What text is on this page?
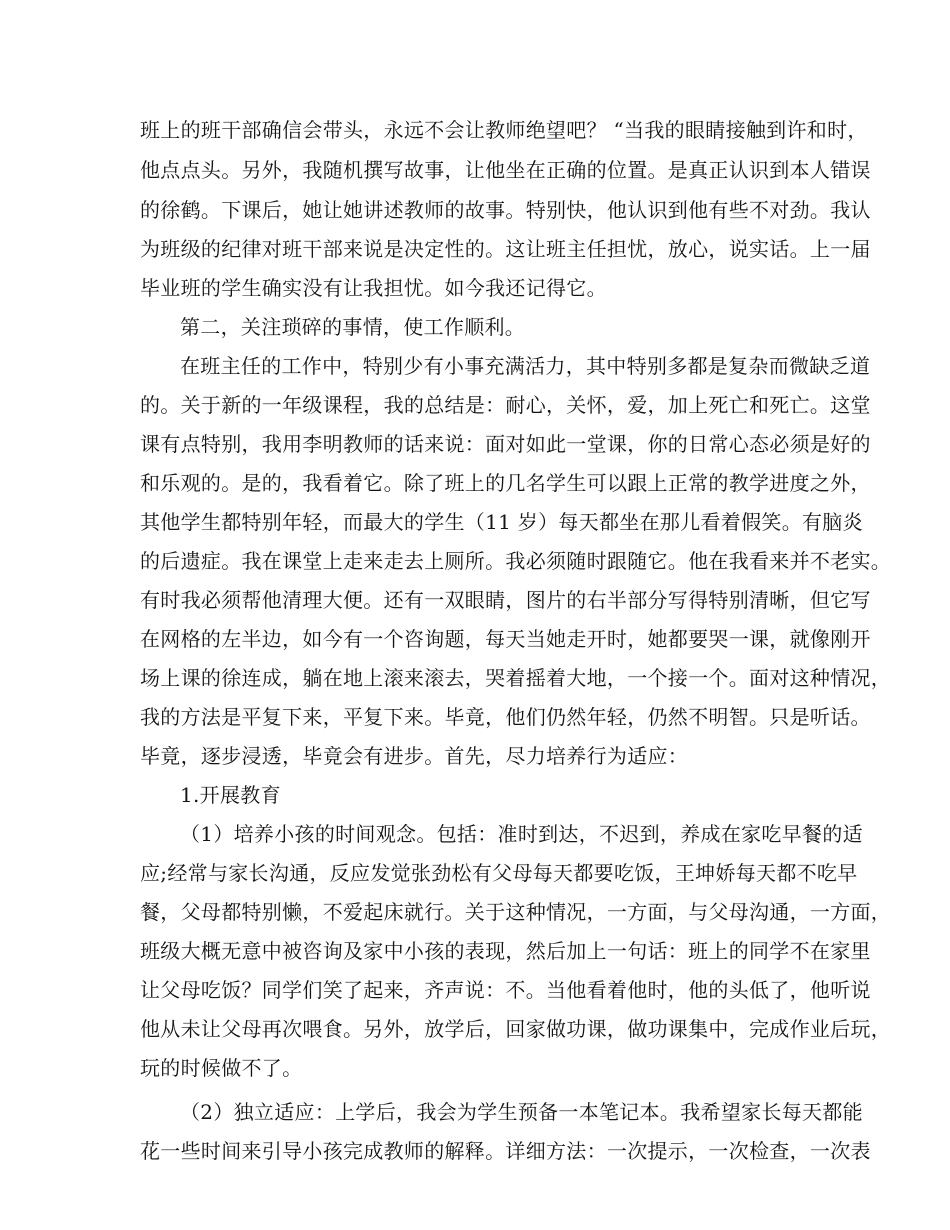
班上的班干部确信会带头，永远不会让教师绝望吧？ “当我的眼睛接触到许和时，
他点点头。另外，我随机撰写故事，让他坐在正确的位置。是真正认识到本人错误
的徐鹤。下课后，她让她讲述教师的故事。特别快，他认识到他有些不对劲。我认
为班级的纪律对班干部来说是决定性的。这让班主任担忧，放心，说实话。上一届
毕业班的学生确实没有让我担忧。如今我还记得它。
第二，关注琐碎的事情，使工作顺利。
在班主任的工作中，特别少有小事充满活力，其中特别多都是复杂而微缺乏道
的。关于新的一年级课程，我的总结是：耐心，关怀，爱，加上死亡和死亡。这堂
课有点特别，我用李明教师的话来说：面对如此一堂课，你的日常心态必须是好的
和乐观的。是的，我看着它。除了班上的几名学生可以跟上正常的教学进度之外，
其他学生都特别年轻，而最大的学生（11 岁）每天都坐在那儿看着假笑。有脑炎
的后遗症。我在课堂上走来走去上厕所。我必须随时跟随它。他在我看来并不老实。
有时我必须帮他清理大便。还有一双眼睛，图片的右半部分写得特别清晰，但它写
在网格的左半边，如今有一个咨询题，每天当她走开时，她都要哭一课，就像刚开
场上课的徐连成，躺在地上滚来滚去，哭着摇着大地，一个接一个。面对这种情况，
我的方法是平复下来，平复下来。毕竟，他们仍然年轻，仍然不明智。只是听话。
毕竟，逐步浸透，毕竟会有进步。首先，尽力培养行为适应：
1.开展教育
（1）培养小孩的时间观念。包括：准时到达，不迟到，养成在家吃早餐的适
应;经常与家长沟通，反应发觉张劲松有父母每天都要吃饭，王坤娇每天都不吃早
餐，父母都特别懒，不爱起床就行。关于这种情况，一方面，与父母沟通，一方面，
班级大概无意中被咨询及家中小孩的表现，然后加上一句话：班上的同学不在家里
让父母吃饭？同学们笑了起来，齐声说：不。当他看着他时，他的头低了，他听说
他从未让父母再次喂食。另外，放学后，回家做功课，做功课集中，完成作业后玩，
玩的时候做不了。
（2）独立适应：上学后，我会为学生预备一本笔记本。我希望家长每天都能
花一些时间来引导小孩完成教师的解释。详细方法：一次提示，一次检查，一次表
